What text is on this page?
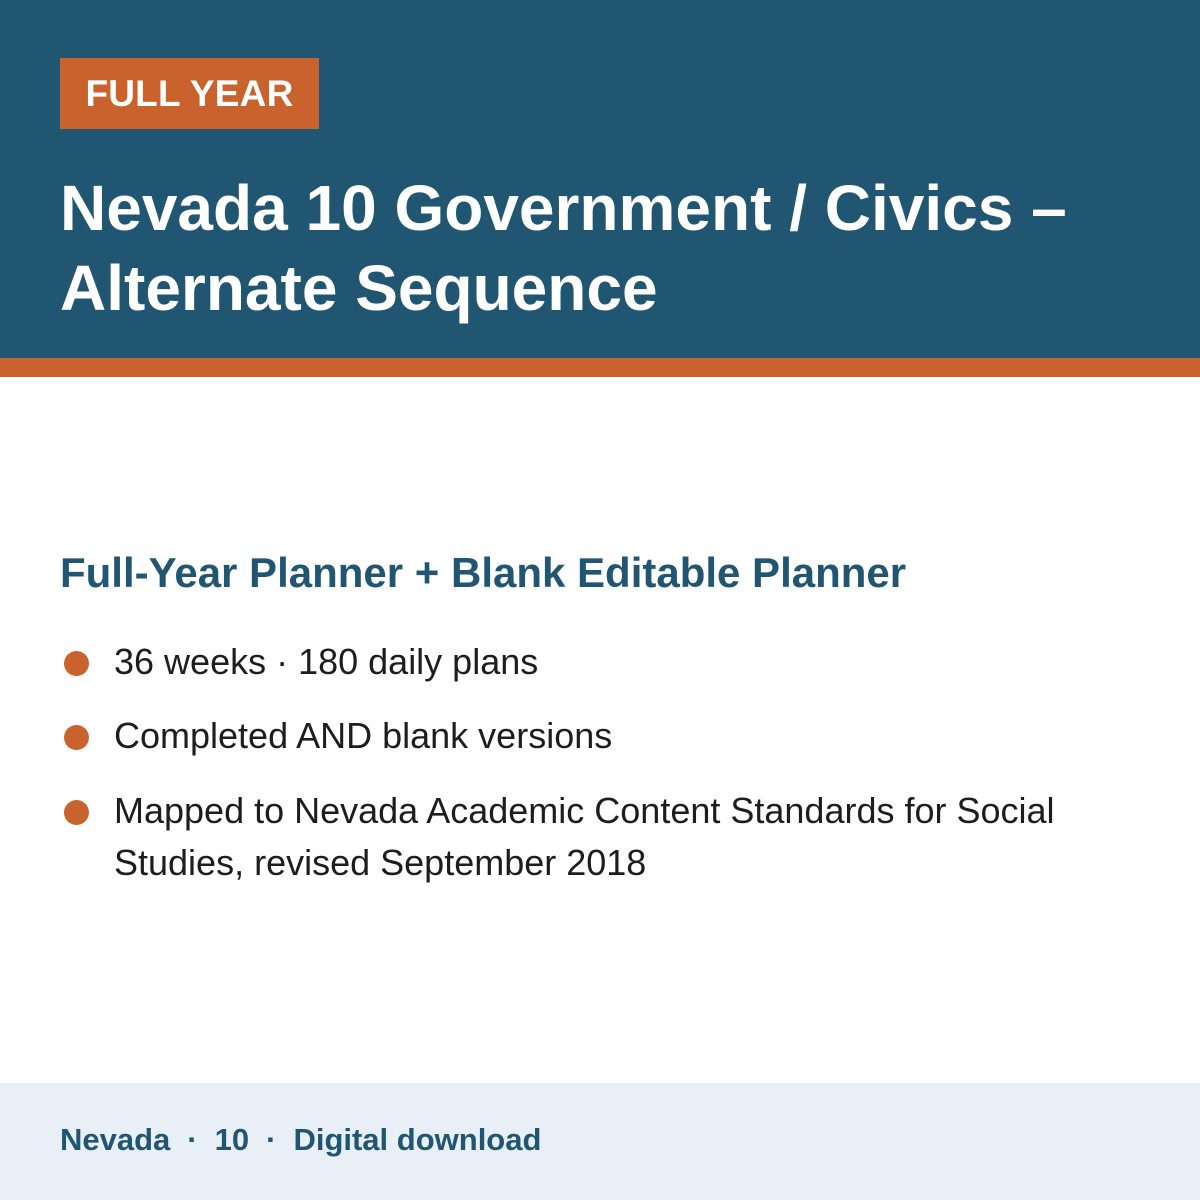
FULL YEAR
Nevada 10 Government / Civics – Alternate Sequence
Full-Year Planner + Blank Editable Planner
36 weeks · 180 daily plans
Completed AND blank versions
Mapped to Nevada Academic Content Standards for Social Studies, revised September 2018
Nevada · 10 · Digital download
